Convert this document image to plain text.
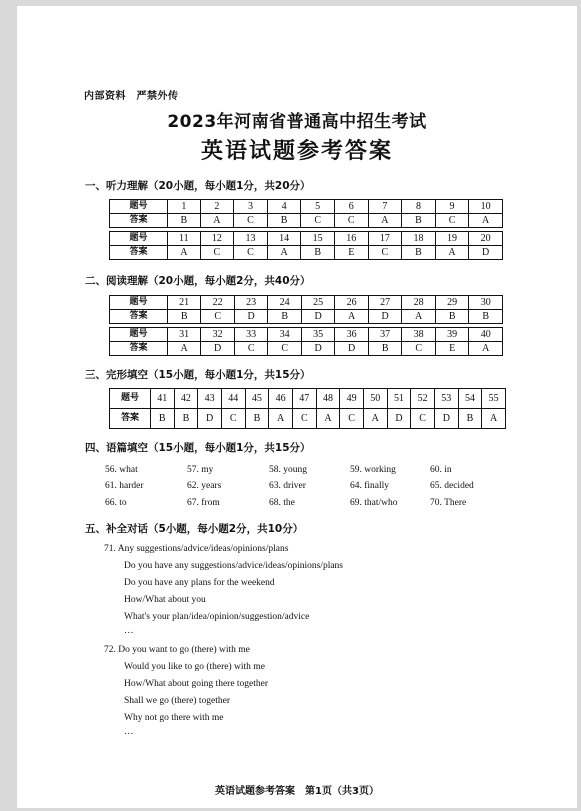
内部资料　严禁外传
2023年河南省普通高中招生考试
英语试题参考答案
一、听力理解（20小题，每小题1分，共20分）
题号	1	2	3	4	5	6	7	8	9	10
答案	B	A	C	B	C	C	A	B	C	A

题号	11	12	13	14	15	16	17	18	19	20
答案	A	C	C	A	B	E	C	B	A	D
二、阅读理解（20小题，每小题2分，共40分）
题号	21	22	23	24	25	26	27	28	29	30
答案	B	C	D	B	D	A	D	A	B	B

题号	31	32	33	34	35	36	37	38	39	40
答案	A	D	C	C	D	D	B	C	E	A
三、完形填空（15小题，每小题1分，共15分）
题号	41	42	43	44	45	46	47	48	49	50	51	52	53	54	55
答案	B	B	D	C	B	A	C	A	C	A	D	C	D	B	A
四、语篇填空（15小题，每小题1分，共15分）
56. what	57. my	58. young	59. working	60. in
61. harder	62. years	63. driver	64. finally	65. decided
66. to	67. from	68. the	69. that/who	70. There
五、补全对话（5小题，每小题2分，共10分）
71. Any suggestions/advice/ideas/opinions/plans
Do you have any suggestions/advice/ideas/opinions/plans
Do you have any plans for the weekend
How/What about you
What's your plan/idea/opinion/suggestion/advice
…
72. Do you want to go (there) with me
Would you like to go (there) with me
How/What about going there together
Shall we go (there) together
Why not go there with me
…
英语试题参考答案　第1页（共3页）
